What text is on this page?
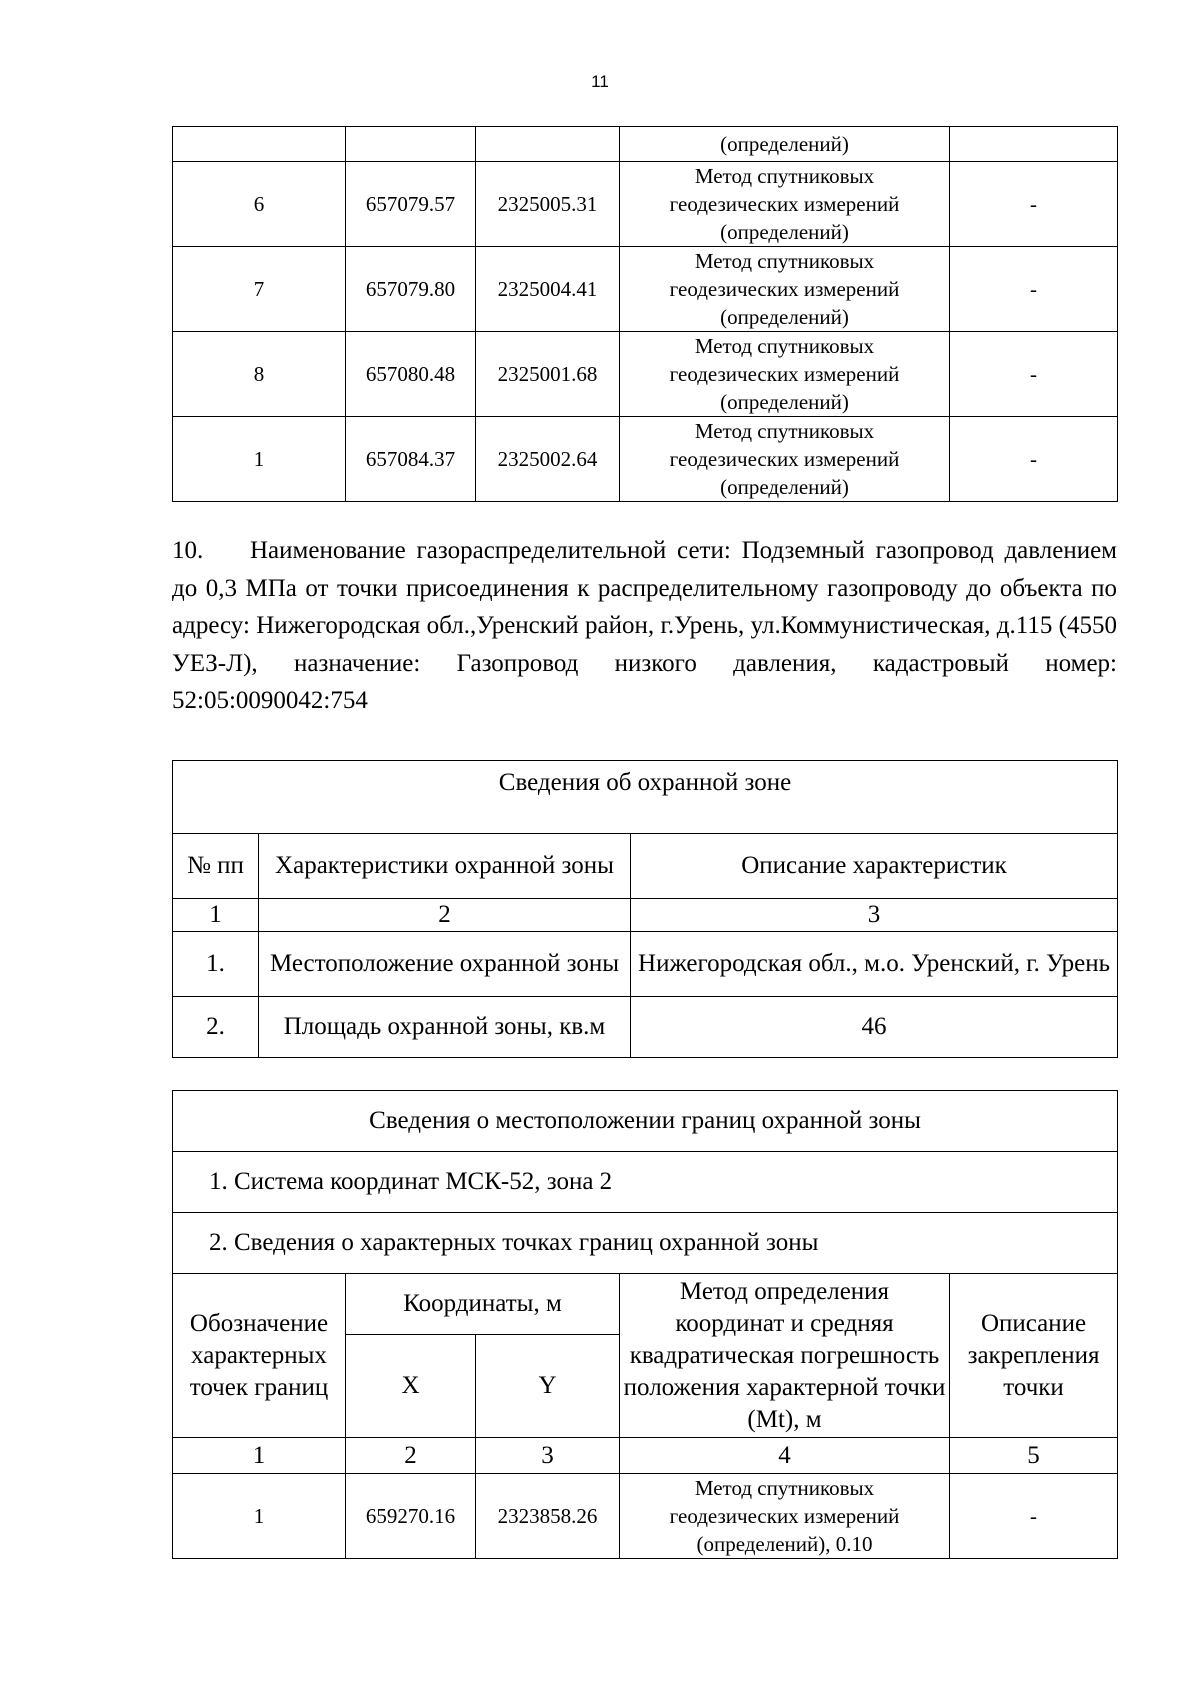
11
			(определений)	
6	657079.57	2325005.31	Метод спутниковых
геодезических измерений
(определений)	-
7	657079.80	2325004.41	Метод спутниковых
геодезических измерений
(определений)	-
8	657080.48	2325001.68	Метод спутниковых
геодезических измерений
(определений)	-
1	657084.37	2325002.64	Метод спутниковых
геодезических измерений
(определений)	-
10. Наименование газораспределительной сети: Подземный газопровод давлением до 0,3 МПа от точки присоединения к распределительному газопроводу до объекта по адресу: Нижегородская обл.,Уренский район, г.Урень, ул.Коммунистическая, д.115 (4550 УЕЗ-Л), назначение: Газопровод низкого давления, кадастровый номер: 52:05:0090042:754
Сведения об охранной зоне		
№ пп	Характеристики охранной зоны	Описание характеристик
1	2	3
1.	Местоположение охранной зоны	Нижегородская обл., м.о. Уренский, г. Урень
2.	Площадь охранной зоны, кв.м	46
Сведения о местоположении границ охранной зоны				
1. Система координат МСК-52, зона 2				
2. Сведения о характерных точках границ охранной зоны				
Обозначение характерных точек границ	Координаты, м		Метод определения координат и средняя квадратическая погрешность положения характерной точки (Mt), м	Описание закрепления точки
	X	Y		
1	2	3	4	5
1	659270.16	2323858.26	Метод спутниковых
геодезических измерений
(определений), 0.10	-
